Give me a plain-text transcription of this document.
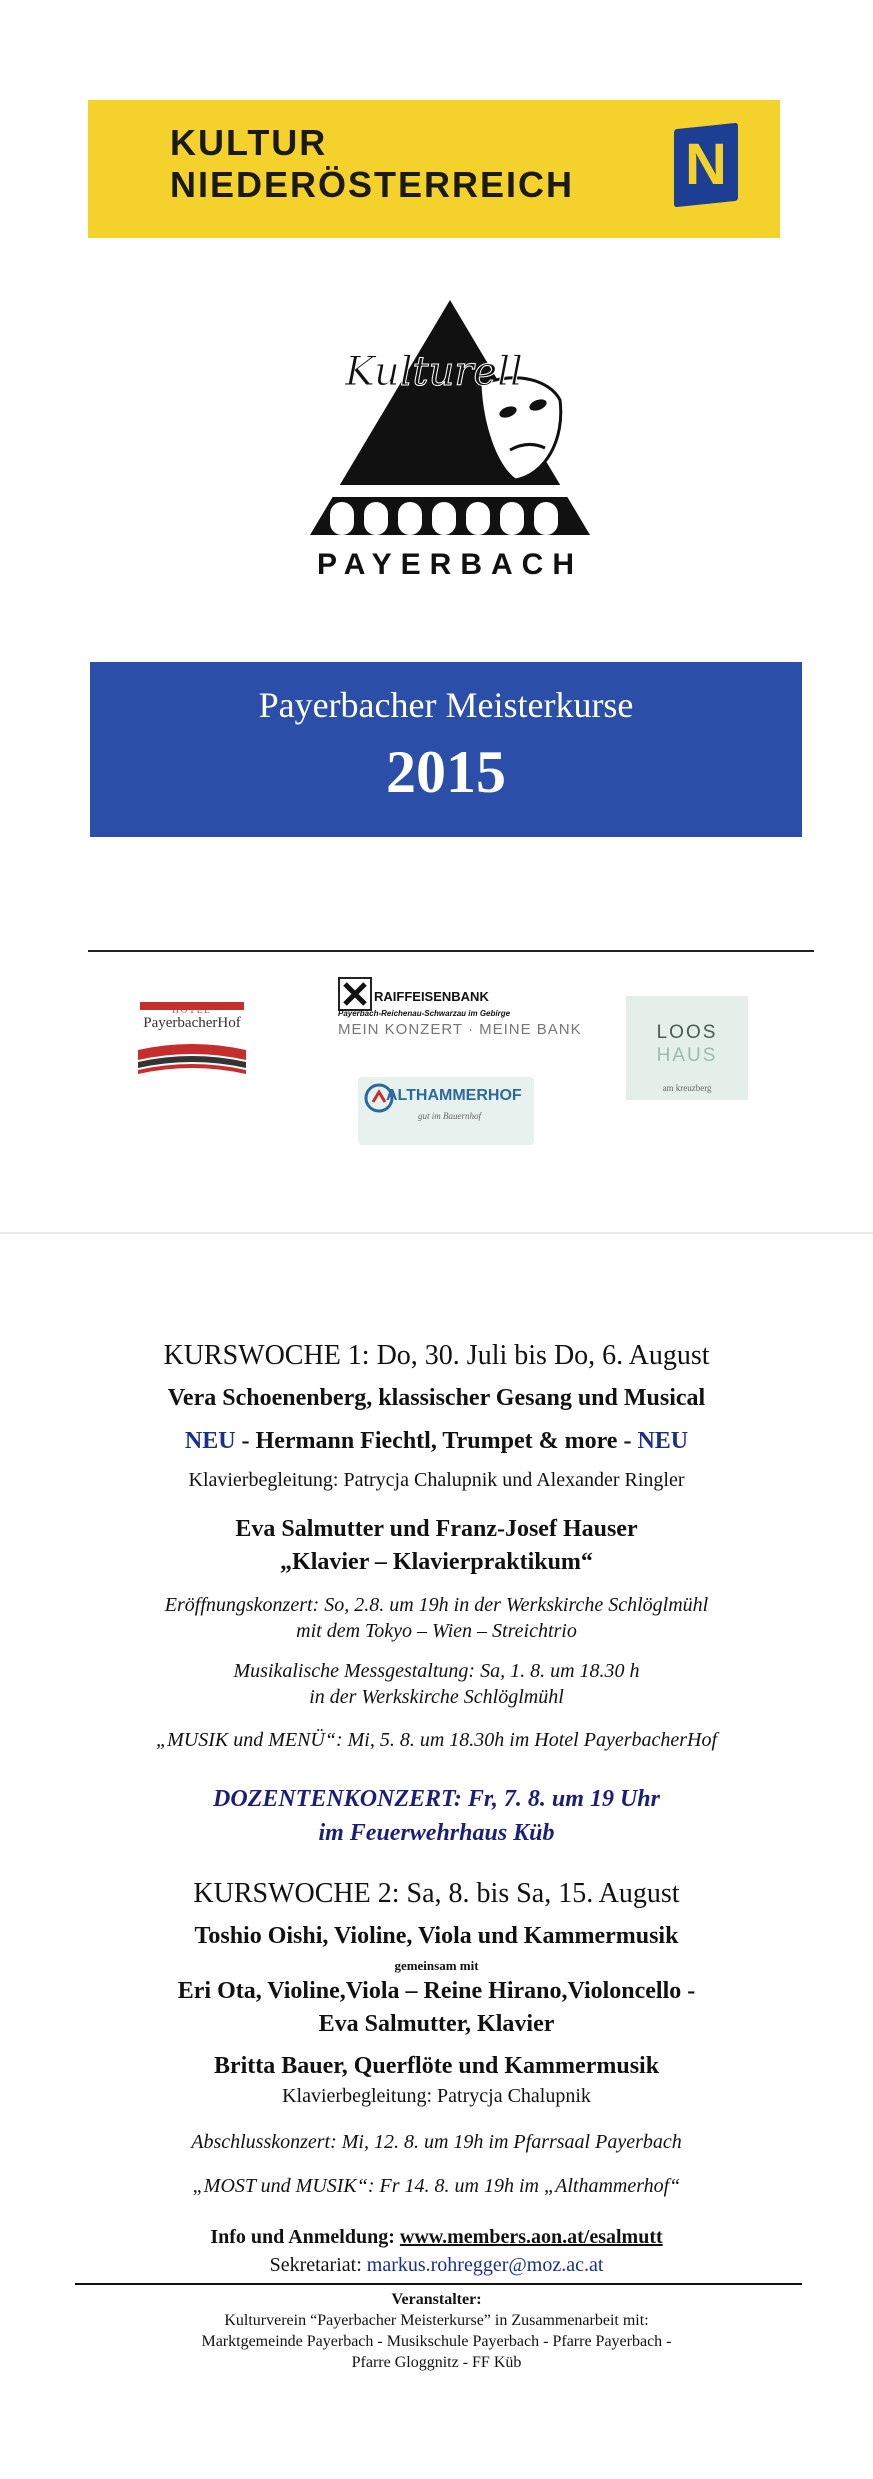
KULTUR
NIEDERÖSTERREICH N
Kulturell
PAYERBACH
Payerbacher Meisterkurse
2015
HOTEL
PayerbacherHof
RAIFFEISENBANK
Payerbach-Reichenau-Schwarzau im Gebirge
MEIN KONZERT · MEINE BANK
ALTHAMMERHOF
gut im Bauernhof
LOOS
HAUS
am kreuzberg
KURSWOCHE 1: Do, 30. Juli bis Do, 6. August
Vera Schoenenberg, klassischer Gesang und Musical
NEU - Hermann Fiechtl, Trumpet & more - NEU
Klavierbegleitung: Patrycja Chalupnik und Alexander Ringler
Eva Salmutter und Franz-Josef Hauser
„Klavier – Klavierpraktikum“
Eröffnungskonzert: So, 2.8. um 19h in der Werkskirche Schlöglmühl
mit dem Tokyo – Wien – Streichtrio
Musikalische Messgestaltung: Sa, 1. 8. um 18.30 h
in der Werkskirche Schlöglmühl
„MUSIK und MENÜ“: Mi, 5. 8. um 18.30h im Hotel PayerbacherHof
DOZENTENKONZERT: Fr, 7. 8. um 19 Uhr
im Feuerwehrhaus Küb
KURSWOCHE 2: Sa, 8. bis Sa, 15. August
Toshio Oishi, Violine, Viola und Kammermusik
gemeinsam mit
Eri Ota, Violine,Viola – Reine Hirano,Violoncello -
Eva Salmutter, Klavier
Britta Bauer, Querflöte und Kammermusik
Klavierbegleitung: Patrycja Chalupnik
Abschlusskonzert: Mi, 12. 8. um 19h im Pfarrsaal Payerbach
„MOST und MUSIK“: Fr 14. 8. um 19h im „Althammerhof“
Info und Anmeldung: www.members.aon.at/esalmutt
Sekretariat: markus.rohregger@moz.ac.at
Veranstalter:
Kulturverein “Payerbacher Meisterkurse” in Zusammenarbeit mit:
Marktgemeinde Payerbach - Musikschule Payerbach - Pfarre Payerbach -
Pfarre Gloggnitz - FF Küb
